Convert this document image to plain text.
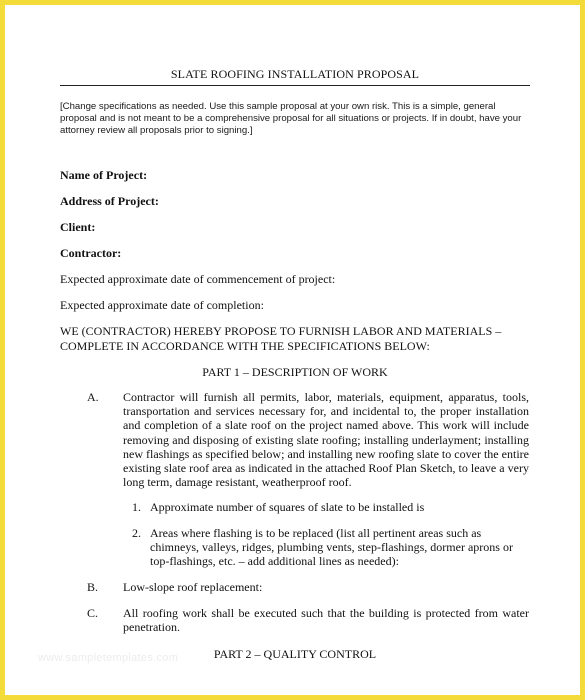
SLATE ROOFING INSTALLATION PROPOSAL
[Change specifications as needed. Use this sample proposal at your own risk. This is a simple, general proposal and is not meant to be a comprehensive proposal for all situations or projects. If in doubt, have your attorney review all proposals prior to signing.]
Name of Project:
Address of Project:
Client:
Contractor:
Expected approximate date of commencement of project:
Expected approximate date of completion:
WE (CONTRACTOR) HEREBY PROPOSE TO FURNISH LABOR AND MATERIALS – COMPLETE IN ACCORDANCE WITH THE SPECIFICATIONS BELOW:
PART 1 – DESCRIPTION OF WORK
A. Contractor will furnish all permits, labor, materials, equipment, apparatus, tools, transportation and services necessary for, and incidental to, the proper installation and completion of a slate roof on the project named above. This work will include removing and disposing of existing slate roofing; installing underlayment; installing new flashings as specified below; and installing new roofing slate to cover the entire existing slate roof area as indicated in the attached Roof Plan Sketch, to leave a very long term, damage resistant, weatherproof roof.
1. Approximate number of squares of slate to be installed is
2. Areas where flashing is to be replaced (list all pertinent areas such as chimneys, valleys, ridges, plumbing vents, step-flashings, dormer aprons or top-flashings, etc. – add additional lines as needed):
B. Low-slope roof replacement:
C. All roofing work shall be executed such that the building is protected from water penetration.
PART 2 – QUALITY CONTROL
www.sampletemplates.com
